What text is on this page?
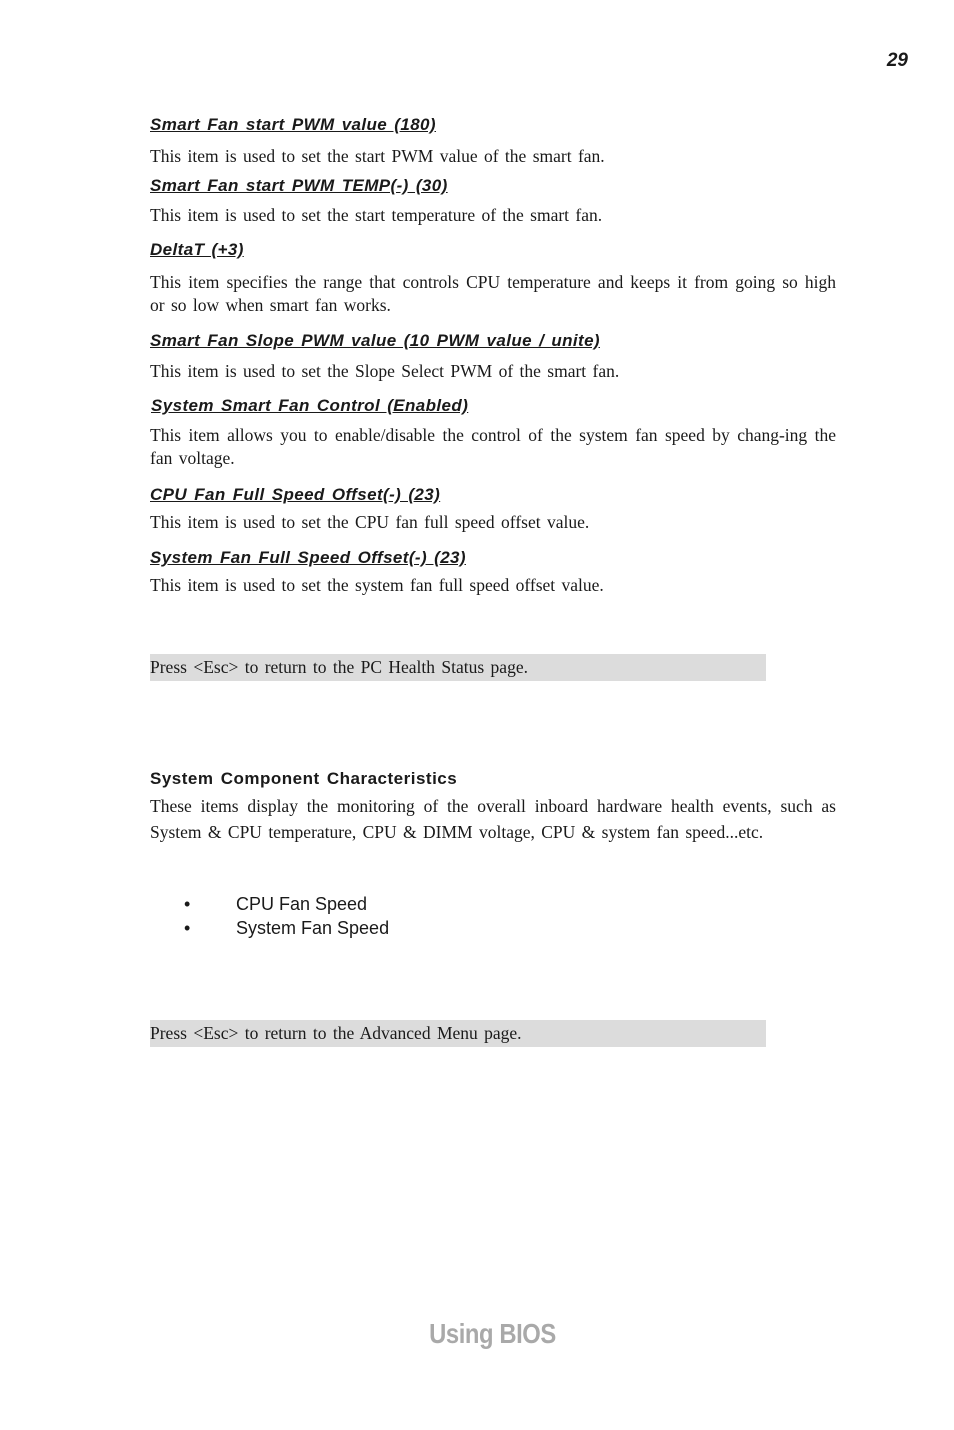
29
Smart Fan start PWM value (180)
This item is used to set the start PWM value of the smart fan.
Smart Fan start PWM TEMP(-) (30)
This item is used to set the start temperature of the smart fan.
DeltaT (+3)
This item specifies the range that controls CPU temperature and keeps it from going so high or so low when smart fan works.
Smart Fan Slope PWM value (10 PWM value / unite)
This item is used to set the Slope Select PWM of the smart fan.
System Smart Fan Control (Enabled)
This item allows you to enable/disable the control of the system fan speed by chang-ing the fan voltage.
CPU Fan Full Speed Offset(-) (23)
This item is used to set the CPU fan full speed offset value.
System Fan Full Speed Offset(-) (23)
This item is used to set the system fan full speed offset value.
Press <Esc> to return to the PC Health Status page.
System Component Characteristics
These items display the monitoring of the overall inboard hardware health events, such as System & CPU temperature, CPU & DIMM voltage, CPU & system fan speed...etc.
•	CPU Fan Speed
•	System Fan Speed
Press <Esc> to return to the Advanced Menu page.
Using BIOS
